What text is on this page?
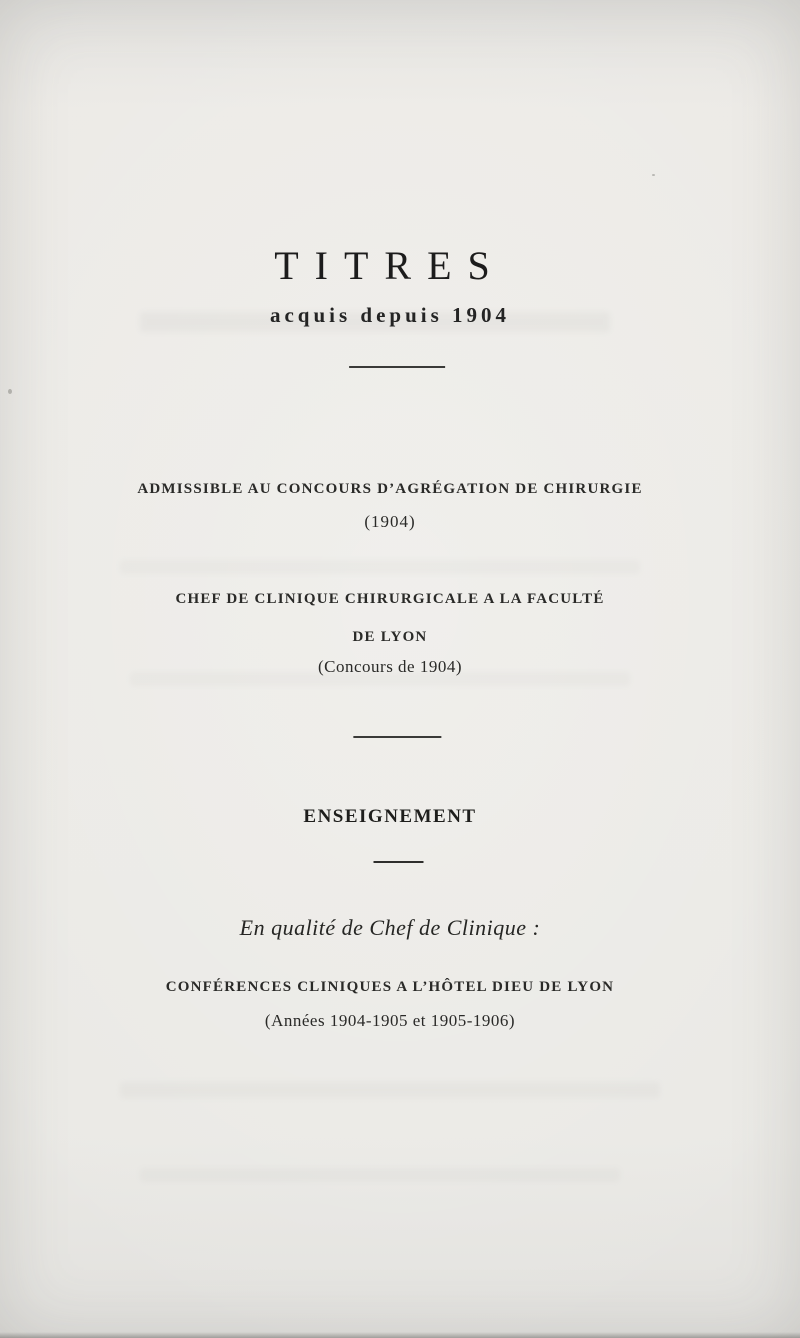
TITRES
acquis depuis 1904
ADMISSIBLE AU CONCOURS D’AGRÉGATION DE CHIRURGIE
(1904)
CHEF DE CLINIQUE CHIRURGICALE A LA FACULTÉ
DE LYON
(Concours de 1904)
ENSEIGNEMENT
En qualité de Chef de Clinique :
CONFÉRENCES CLINIQUES A L’HÔTEL DIEU DE LYON
(Années 1904-1905 et 1905-1906)
